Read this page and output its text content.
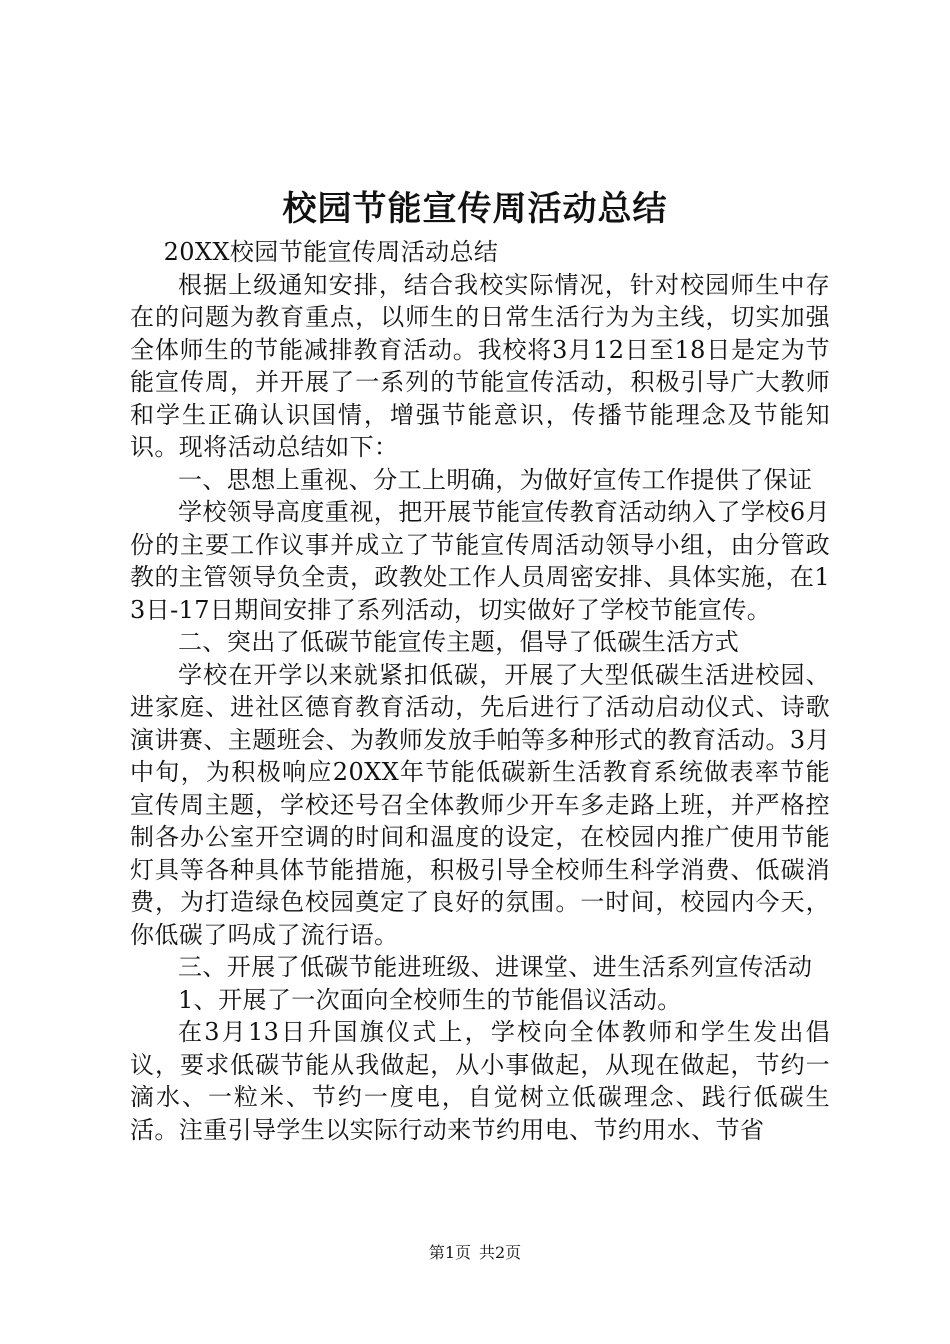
校园节能宣传周活动总结

20XX校园节能宣传周活动总结

根据上级通知安排，结合我校实际情况，针对校园师生中存在的问题为教育重点，以师生的日常生活行为为主线，切实加强全体师生的节能减排教育活动。我校将3月12日至18日是定为节能宣传周，并开展了一系列的节能宣传活动，积极引导广大教师和学生正确认识国情，增强节能意识，传播节能理念及节能知识。现将活动总结如下：

一、思想上重视、分工上明确，为做好宣传工作提供了保证

学校领导高度重视，把开展节能宣传教育活动纳入了学校6月份的主要工作议事并成立了节能宣传周活动领导小组，由分管政教的主管领导负全责，政教处工作人员周密安排、具体实施，在13日-17日期间安排了系列活动，切实做好了学校节能宣传。

二、突出了低碳节能宣传主题，倡导了低碳生活方式

学校在开学以来就紧扣低碳，开展了大型低碳生活进校园、进家庭、进社区德育教育活动，先后进行了活动启动仪式、诗歌演讲赛、主题班会、为教师发放手帕等多种形式的教育活动。3月中旬，为积极响应20XX年节能低碳新生活教育系统做表率节能宣传周主题，学校还号召全体教师少开车多走路上班，并严格控制各办公室开空调的时间和温度的设定，在校园内推广使用节能灯具等各种具体节能措施，积极引导全校师生科学消费、低碳消费，为打造绿色校园奠定了良好的氛围。一时间，校园内今天，你低碳了吗成了流行语。

三、开展了低碳节能进班级、进课堂、进生活系列宣传活动

1、开展了一次面向全校师生的节能倡议活动。

在3月13日升国旗仪式上，学校向全体教师和学生发出倡议，要求低碳节能从我做起，从小事做起，从现在做起，节约一滴水、一粒米、节约一度电，自觉树立低碳理念、践行低碳生活。注重引导学生以实际行动来节约用电、节约用水、节省

第1页 共2页
